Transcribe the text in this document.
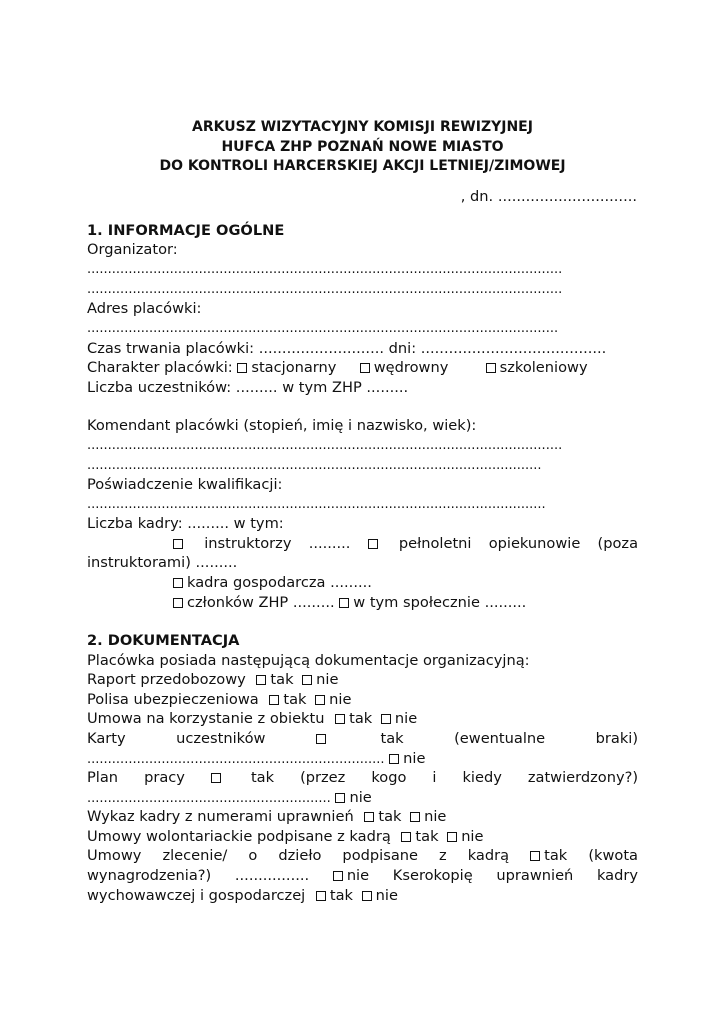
ARKUSZ WIZYTACYJNY KOMISJI REWIZYJNEJ
HUFCA ZHP POZNAŃ NOWE MIASTO
DO KONTROLI HARCERSKIEJ AKCJI LETNIEJ/ZIMOWEJ
, dn. ..............................
1. INFORMACJE OGÓLNE
Organizator:
...................................................................................................................
...................................................................................................................
Adres placówki:
..................................................................................................................
Czas trwania placówki: ........................... dni: ........................................
Charakter placówki: stacjonarny	wędrowny	szkoleniowy
Liczba uczestników: ......... w tym ZHP .........
Komendant placówki (stopień, imię i nazwisko, wiek):
...................................................................................................................
..............................................................................................................
Poświadczenie kwalifikacji:
...............................................................................................................
Liczba kadry: ......... w tym:
instruktorzy .........	pełnoletni opiekunowie (poza
instruktorami) .........
kadra gospodarcza .........
członków ZHP ......... w tym społecznie .........
2. DOKUMENTACJA
Placówka posiada następującą dokumentacje organizacyjną:
Raport przedobozowy tak nie
Polisa ubezpieczeniowa tak nie
Umowa na korzystanie z obiektu tak nie
Karty	uczestników	tak	(ewentualne	braki)
........................................................................ nie
Plan pracy	tak (przez kogo i kiedy zatwierdzony?)
........................................................... nie
Wykaz kadry z numerami uprawnień tak nie
Umowy wolontariackie podpisane z kadrą tak nie
Umowy zlecenie/ o dzieło podpisane z kadrą tak (kwota
wynagrodzenia?) ................	nie Kserokopię uprawnień kadry
wychowawczej i gospodarczej tak nie
